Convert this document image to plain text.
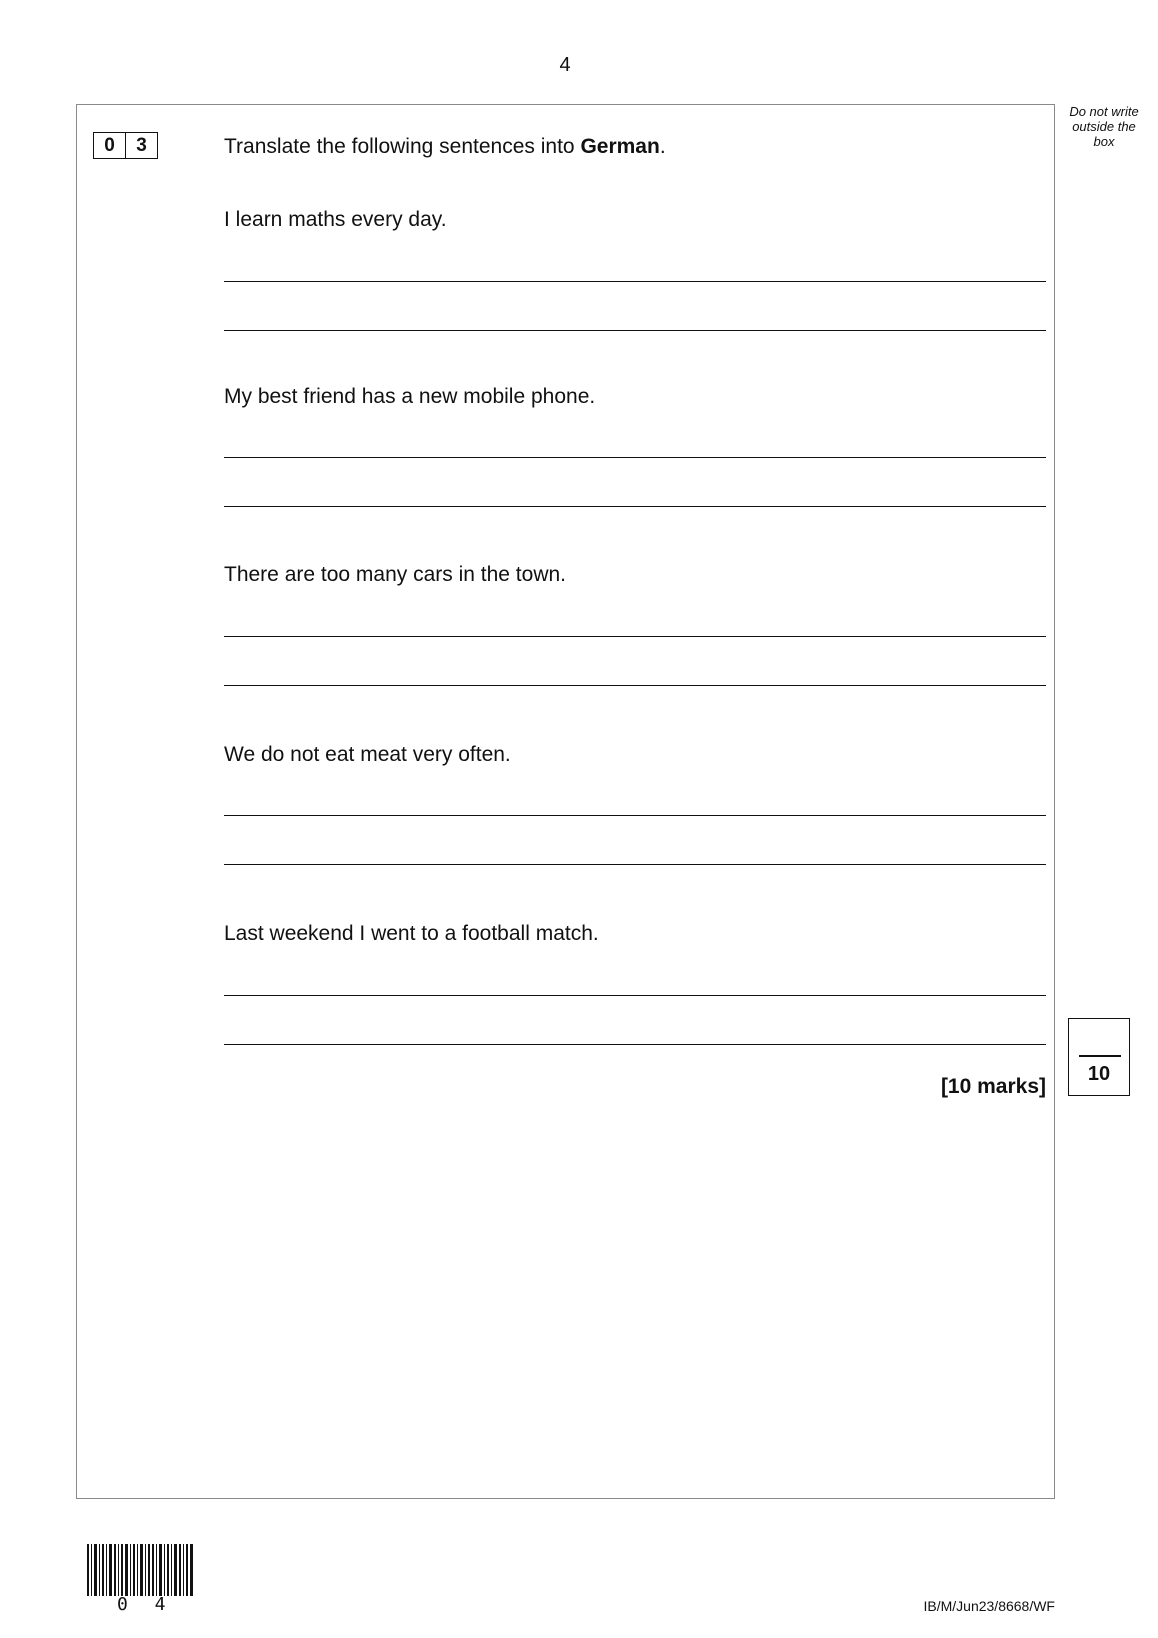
4
Do not write outside the box
0	3	Translate the following sentences into German.
I learn maths every day.
My best friend has a new mobile phone.
There are too many cars in the town.
We do not eat meat very often.
Last weekend I went to a football match.
[10 marks]
10
0 4	IB/M/Jun23/8668/WF
